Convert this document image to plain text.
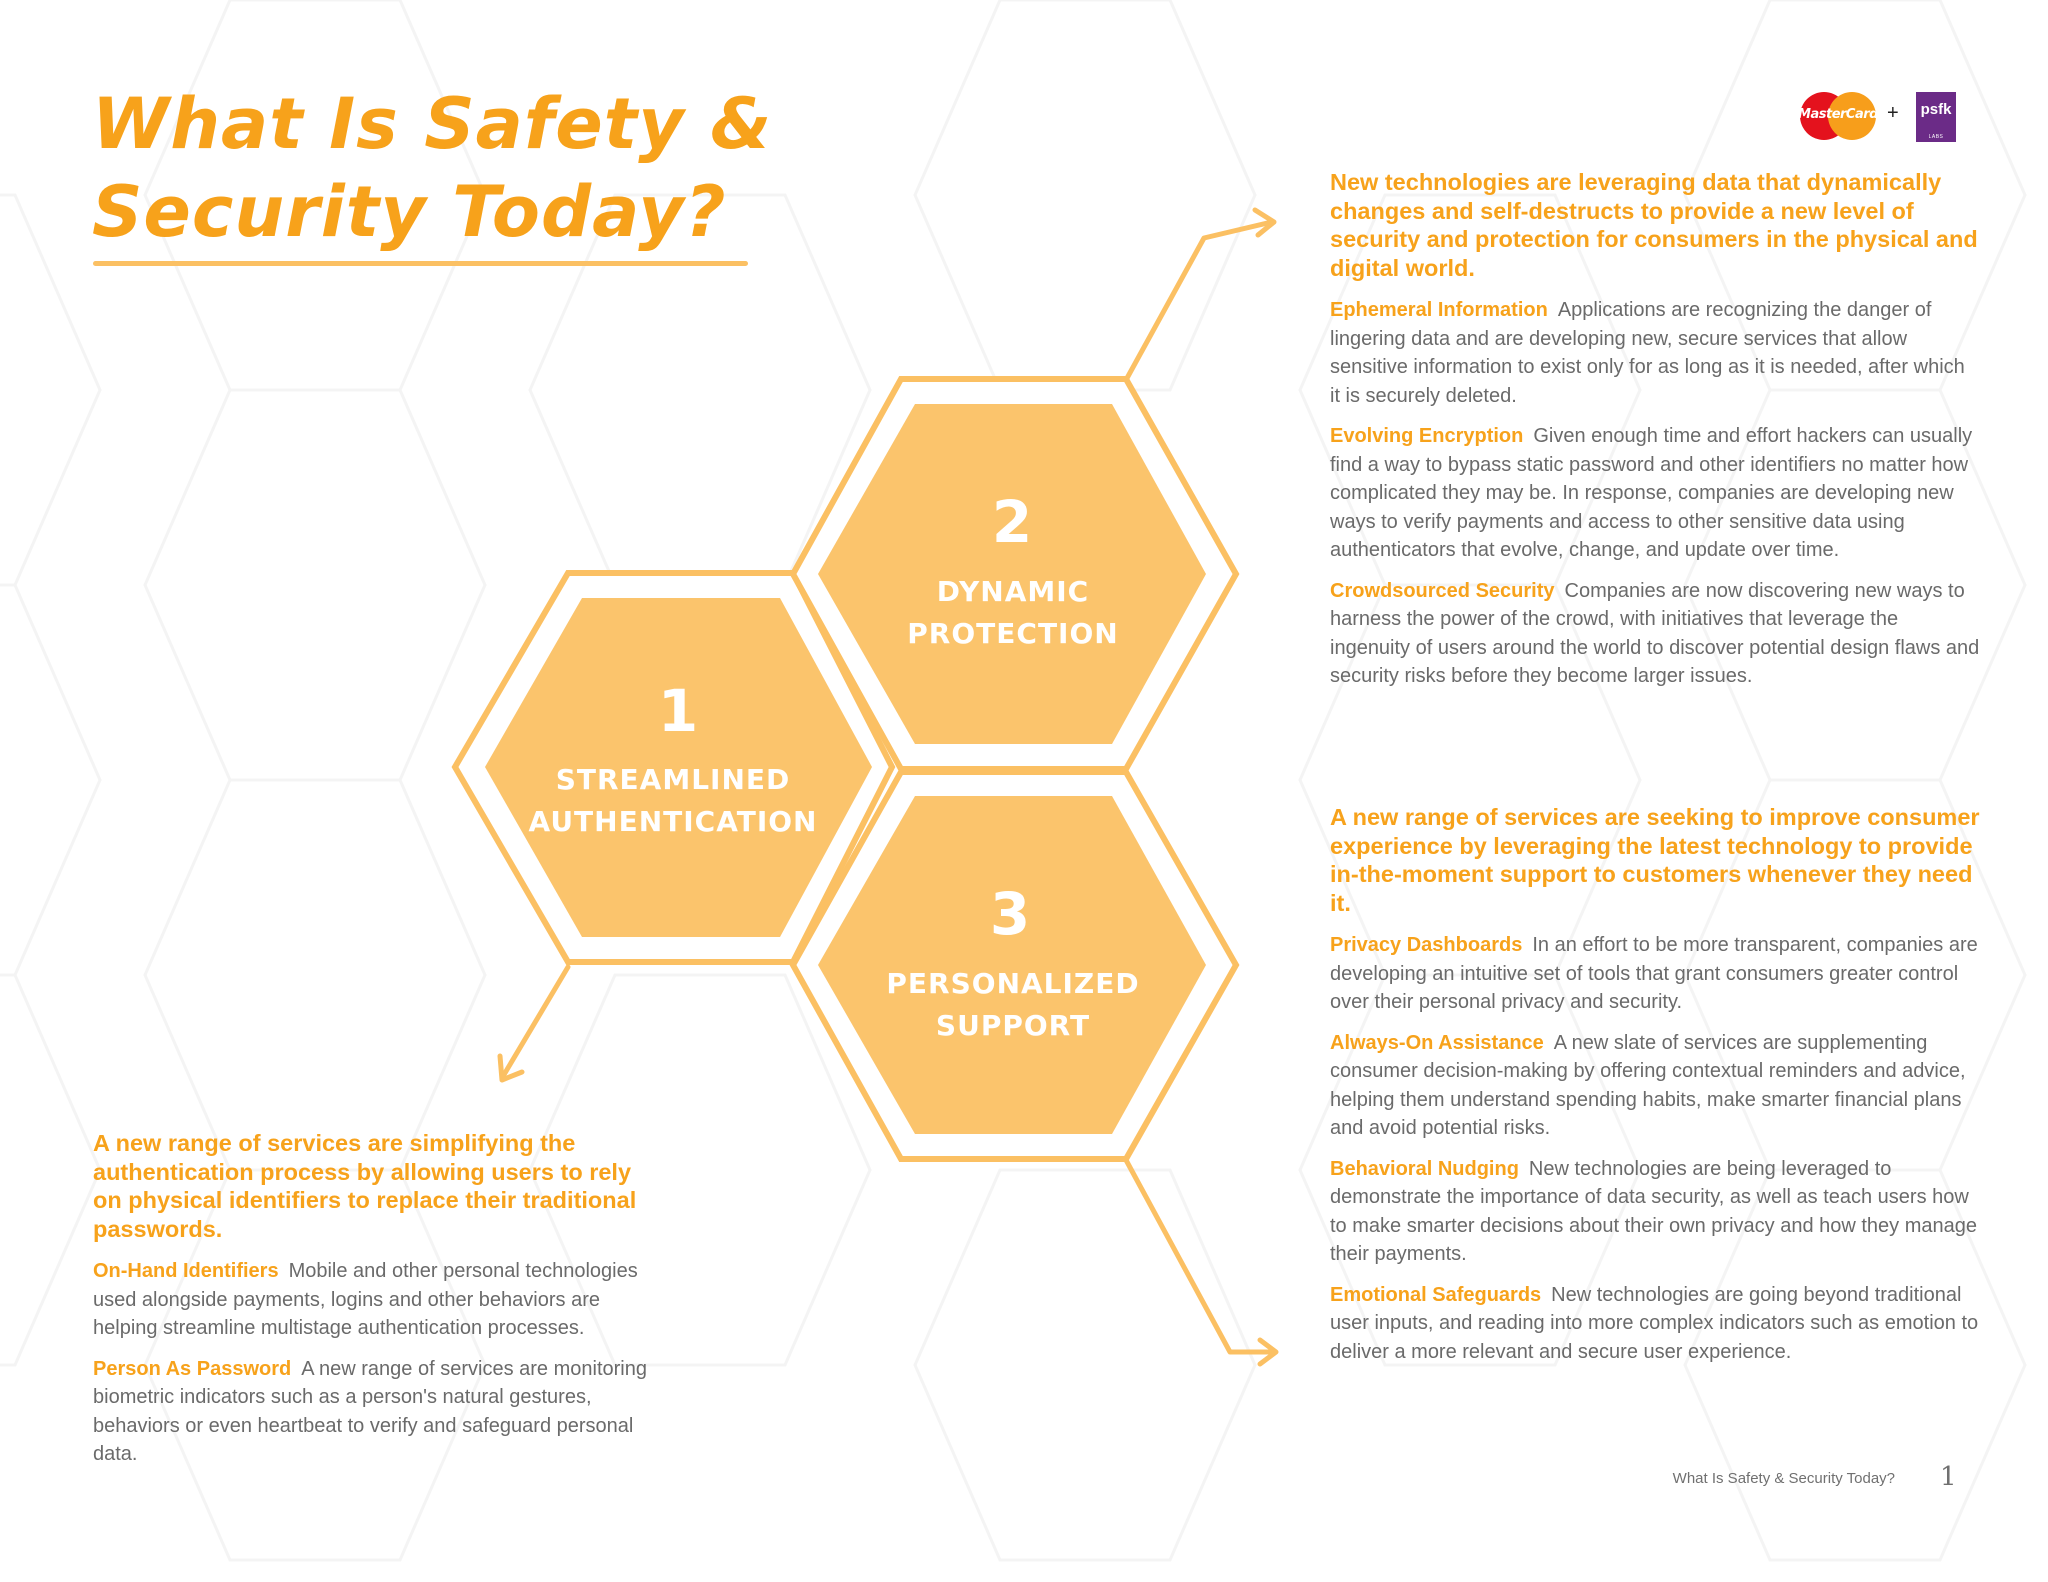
What Is Safety &
Security Today?
MasterCard +	psfk
LABS
1
STREAMLINED
AUTHENTICATION
2
DYNAMIC
PROTECTION
3
PERSONALIZED
SUPPORT

A new range of services are simplifying the authentication process by allowing users to rely on physical identifiers to replace their traditional passwords.

On-Hand Identifiers Mobile and other personal technologies used alongside payments, logins and other behaviors are helping streamline multistage authentication processes.

Person As Password A new range of services are monitoring biometric indicators such as a person's natural gestures, behaviors or even heartbeat to verify and safeguard personal data.

New technologies are leveraging data that dynamically changes and self-destructs to provide a new level of security and protection for consumers in the physical and digital world.

Ephemeral Information Applications are recognizing the danger of lingering data and are developing new, secure services that allow sensitive information to exist only for as long as it is needed, after which it is securely deleted.

Evolving Encryption Given enough time and effort hackers can usually find a way to bypass static password and other identifiers no matter how complicated they may be. In response, companies are developing new ways to verify payments and access to other sensitive data using authenticators that evolve, change, and update over time.

Crowdsourced Security Companies are now discovering new ways to harness the power of the crowd, with initiatives that leverage the ingenuity of users around the world to discover potential design flaws and security risks before they become larger issues.

A new range of services are seeking to improve consumer experience by leveraging the latest technology to provide in-the-moment support to customers whenever they need it.

Privacy Dashboards In an effort to be more transparent, companies are developing an intuitive set of tools that grant consumers greater control over their personal privacy and security.

Always-On Assistance A new slate of services are supplementing consumer decision-making by offering contextual reminders and advice, helping them understand spending habits, make smarter financial plans and avoid potential risks.

Behavioral Nudging New technologies are being leveraged to demonstrate the importance of data security, as well as teach users how to make smarter decisions about their own privacy and how they manage their payments.

Emotional Safeguards New technologies are going beyond traditional user inputs, and reading into more complex indicators such as emotion to deliver a more relevant and secure user experience.

What Is Safety & Security Today? 1
